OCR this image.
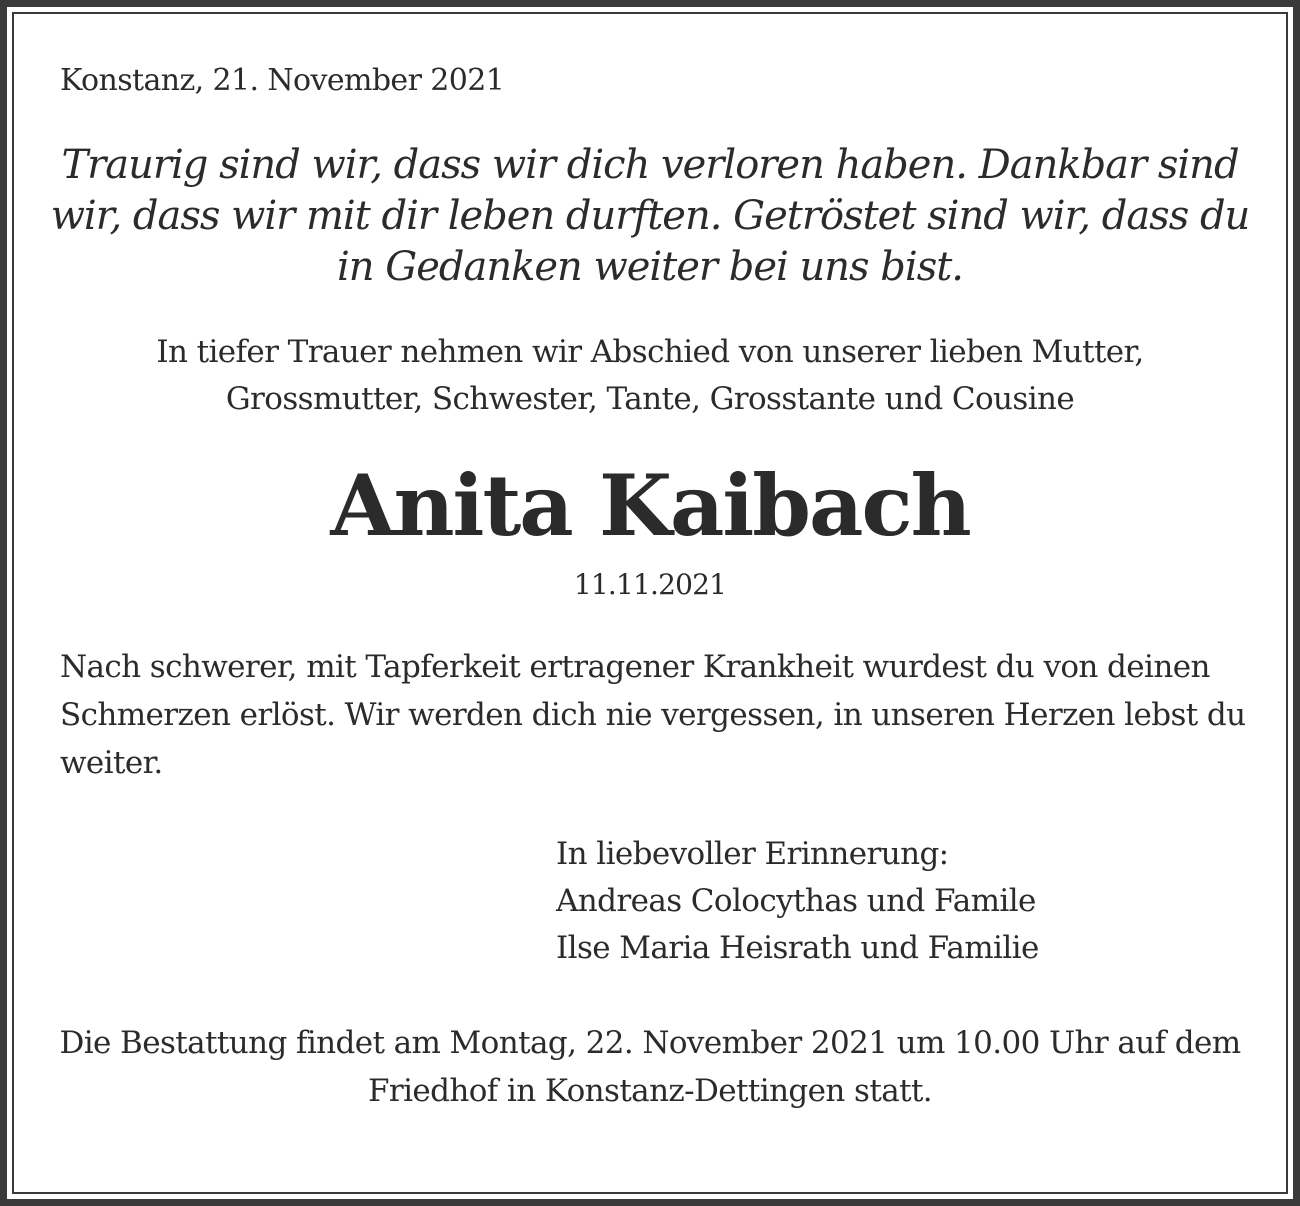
Konstanz, 21. November 2021

Traurig sind wir, dass wir dich verloren haben. Dankbar sind wir, dass wir mit dir leben durften. Getröstet sind wir, dass du in Gedanken weiter bei uns bist.

In tiefer Trauer nehmen wir Abschied von unserer lieben Mutter,
Grossmutter, Schwester, Tante, Grosstante und Cousine
Anita Kaibach

11.11.2021

Nach schwerer, mit Tapferkeit ertragener Krankheit wurdest du von deinen Schmerzen erlöst. Wir werden dich nie vergessen, in unseren Herzen lebst du weiter.

In liebevoller Erinnerung:
Andreas Colocythas und Famile
Ilse Maria Heisrath und Familie
Die Bestattung findet am Montag, 22. November 2021 um 10.00 Uhr auf dem
Friedhof in Konstanz-Dettingen statt.
